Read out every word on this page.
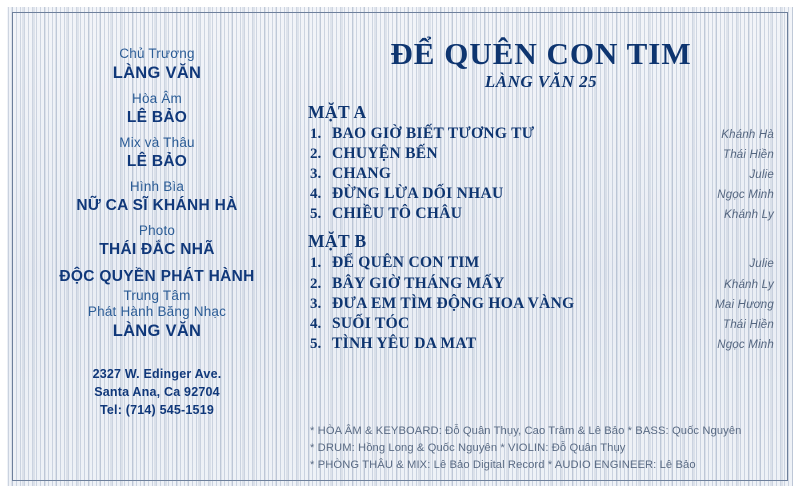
Chủ Trương
LÀNG VĂN
Hòa Âm
LÊ BẢO
Mix và Thâu
LÊ BẢO
Hình Bìa
NỮ CA SĨ KHÁNH HÀ
Photo
THÁI ĐẮC NHÃ
ĐỘC QUYỀN PHÁT HÀNH
Trung Tâm
Phát Hành Băng Nhạc
LÀNG VĂN
2327 W. Edinger Ave.
Santa Ana, Ca 92704
Tel: (714) 545-1519
ĐỂ QUÊN CON TIM
LÀNG VĂN 25
MẶT A
1. BAO GIỜ BIẾT TƯƠNG TƯ	Khánh Hà
2. CHUYỆN BẾN	Thái Hiền
3. CHANG	Julie
4. ĐỪNG LỪA DỐI NHAU	Ngọc Minh
5. CHIỀU TÔ CHÂU	Khánh Ly
MẶT B
1. ĐỂ QUÊN CON TIM	Julie
2. BÂY GIỜ THÁNG MẤY	Khánh Ly
3. ĐƯA EM TÌM ĐỘNG HOA VÀNG	Mai Hương
4. SUỐI TÓC	Thái Hiền
5. TÌNH YÊU DA MAT	Ngọc Minh
* HÒA ÂM & KEYBOARD: Đỗ Quân Thụy, Cao Trâm & Lê Bảo * BASS: Quốc Nguyên
* DRUM: Hồng Long & Quốc Nguyên * VIOLIN: Đỗ Quân Thụy
* PHÒNG THÂU & MIX: Lê Bảo Digital Record * AUDIO ENGINEER: Lê Bảo
